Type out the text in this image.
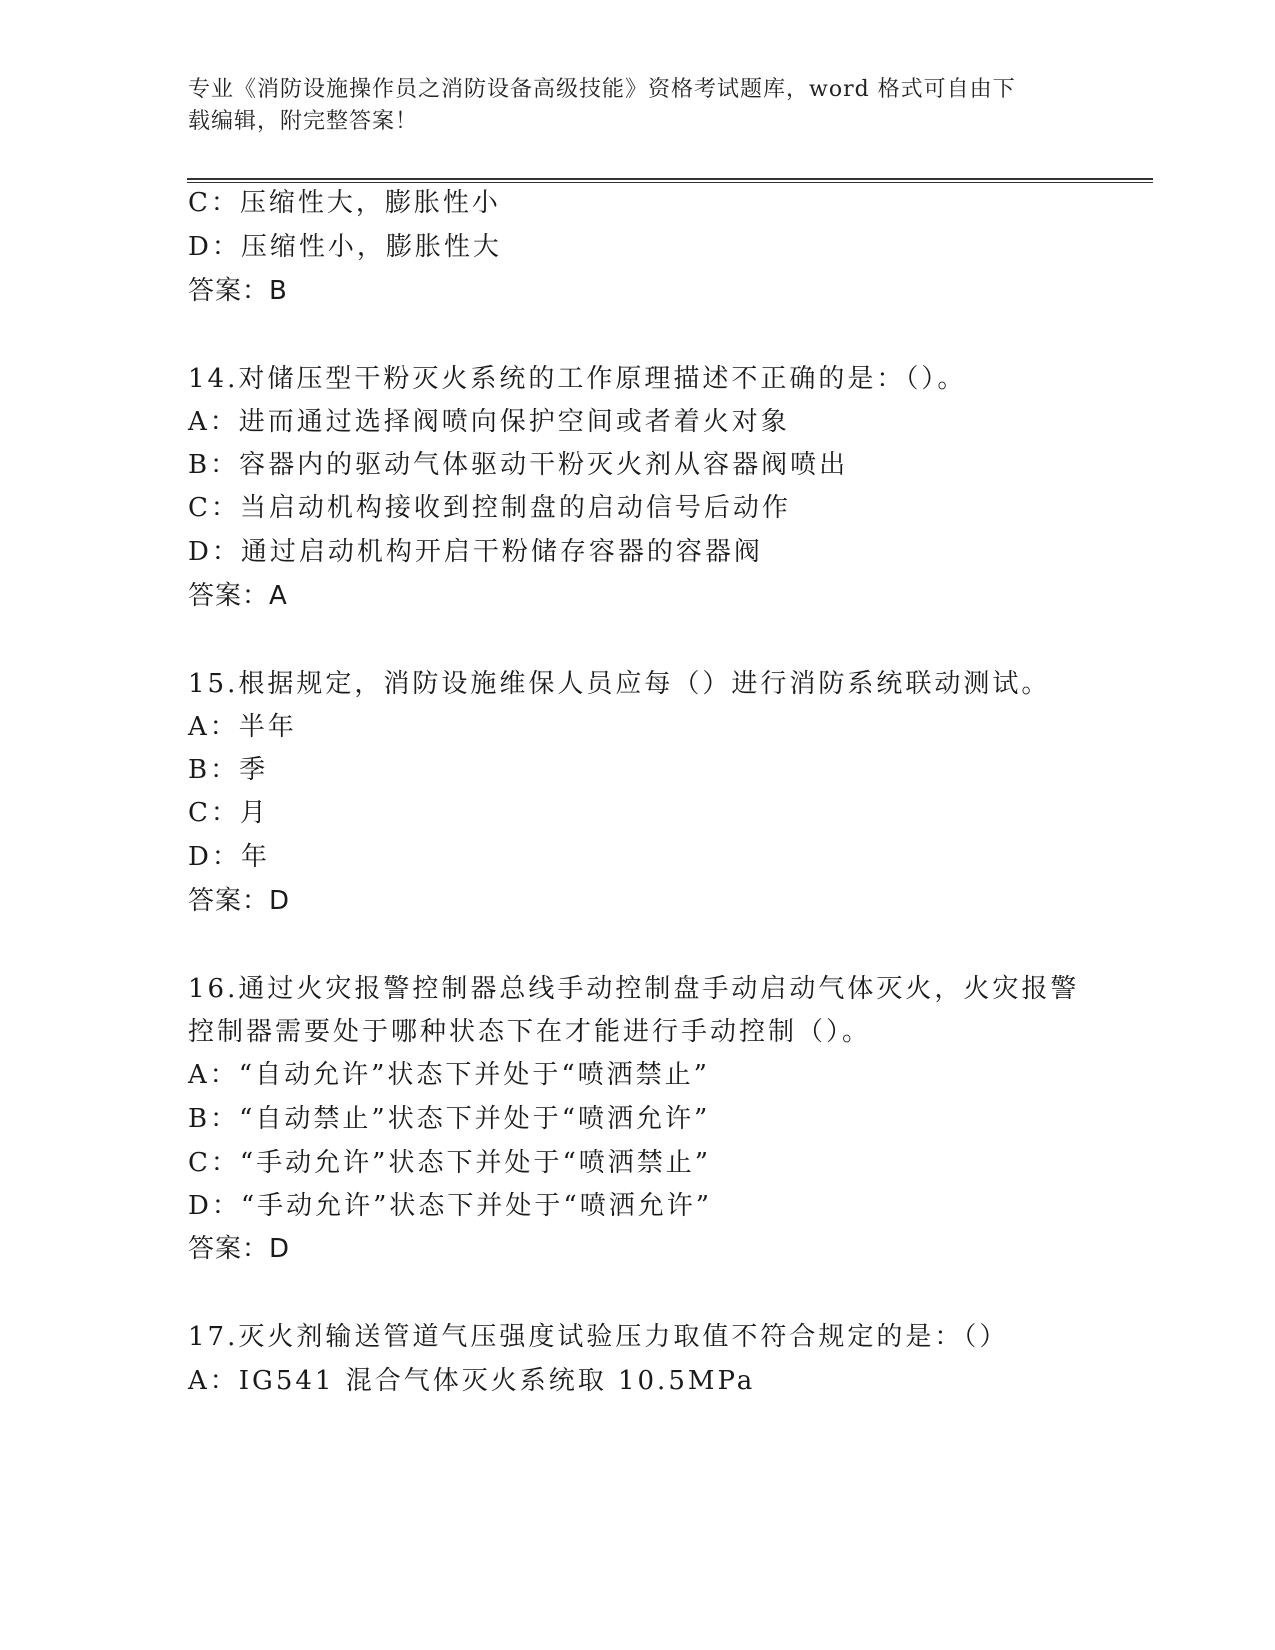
专业《消防设施操作员之消防设备高级技能》资格考试题库，word 格式可自由下
载编辑，附完整答案！
C：压缩性大，膨胀性小
D：压缩性小，膨胀性大
答案：B
14.对储压型干粉灭火系统的工作原理描述不正确的是：（）。
A：进而通过选择阀喷向保护空间或者着火对象
B：容器内的驱动气体驱动干粉灭火剂从容器阀喷出
C：当启动机构接收到控制盘的启动信号后动作
D：通过启动机构开启干粉储存容器的容器阀
答案：A
15.根据规定，消防设施维保人员应每（）进行消防系统联动测试。
A：半年
B：季
C：月
D：年
答案：D
16.通过火灾报警控制器总线手动控制盘手动启动气体灭火，火灾报警
控制器需要处于哪种状态下在才能进行手动控制（）。
A：“自动允许”状态下并处于“喷洒禁止”
B：“自动禁止”状态下并处于“喷洒允许”
C：“手动允许”状态下并处于“喷洒禁止”
D：“手动允许”状态下并处于“喷洒允许”
答案：D
17.灭火剂输送管道气压强度试验压力取值不符合规定的是：（）
A：IG541 混合气体灭火系统取 10.5MPa
